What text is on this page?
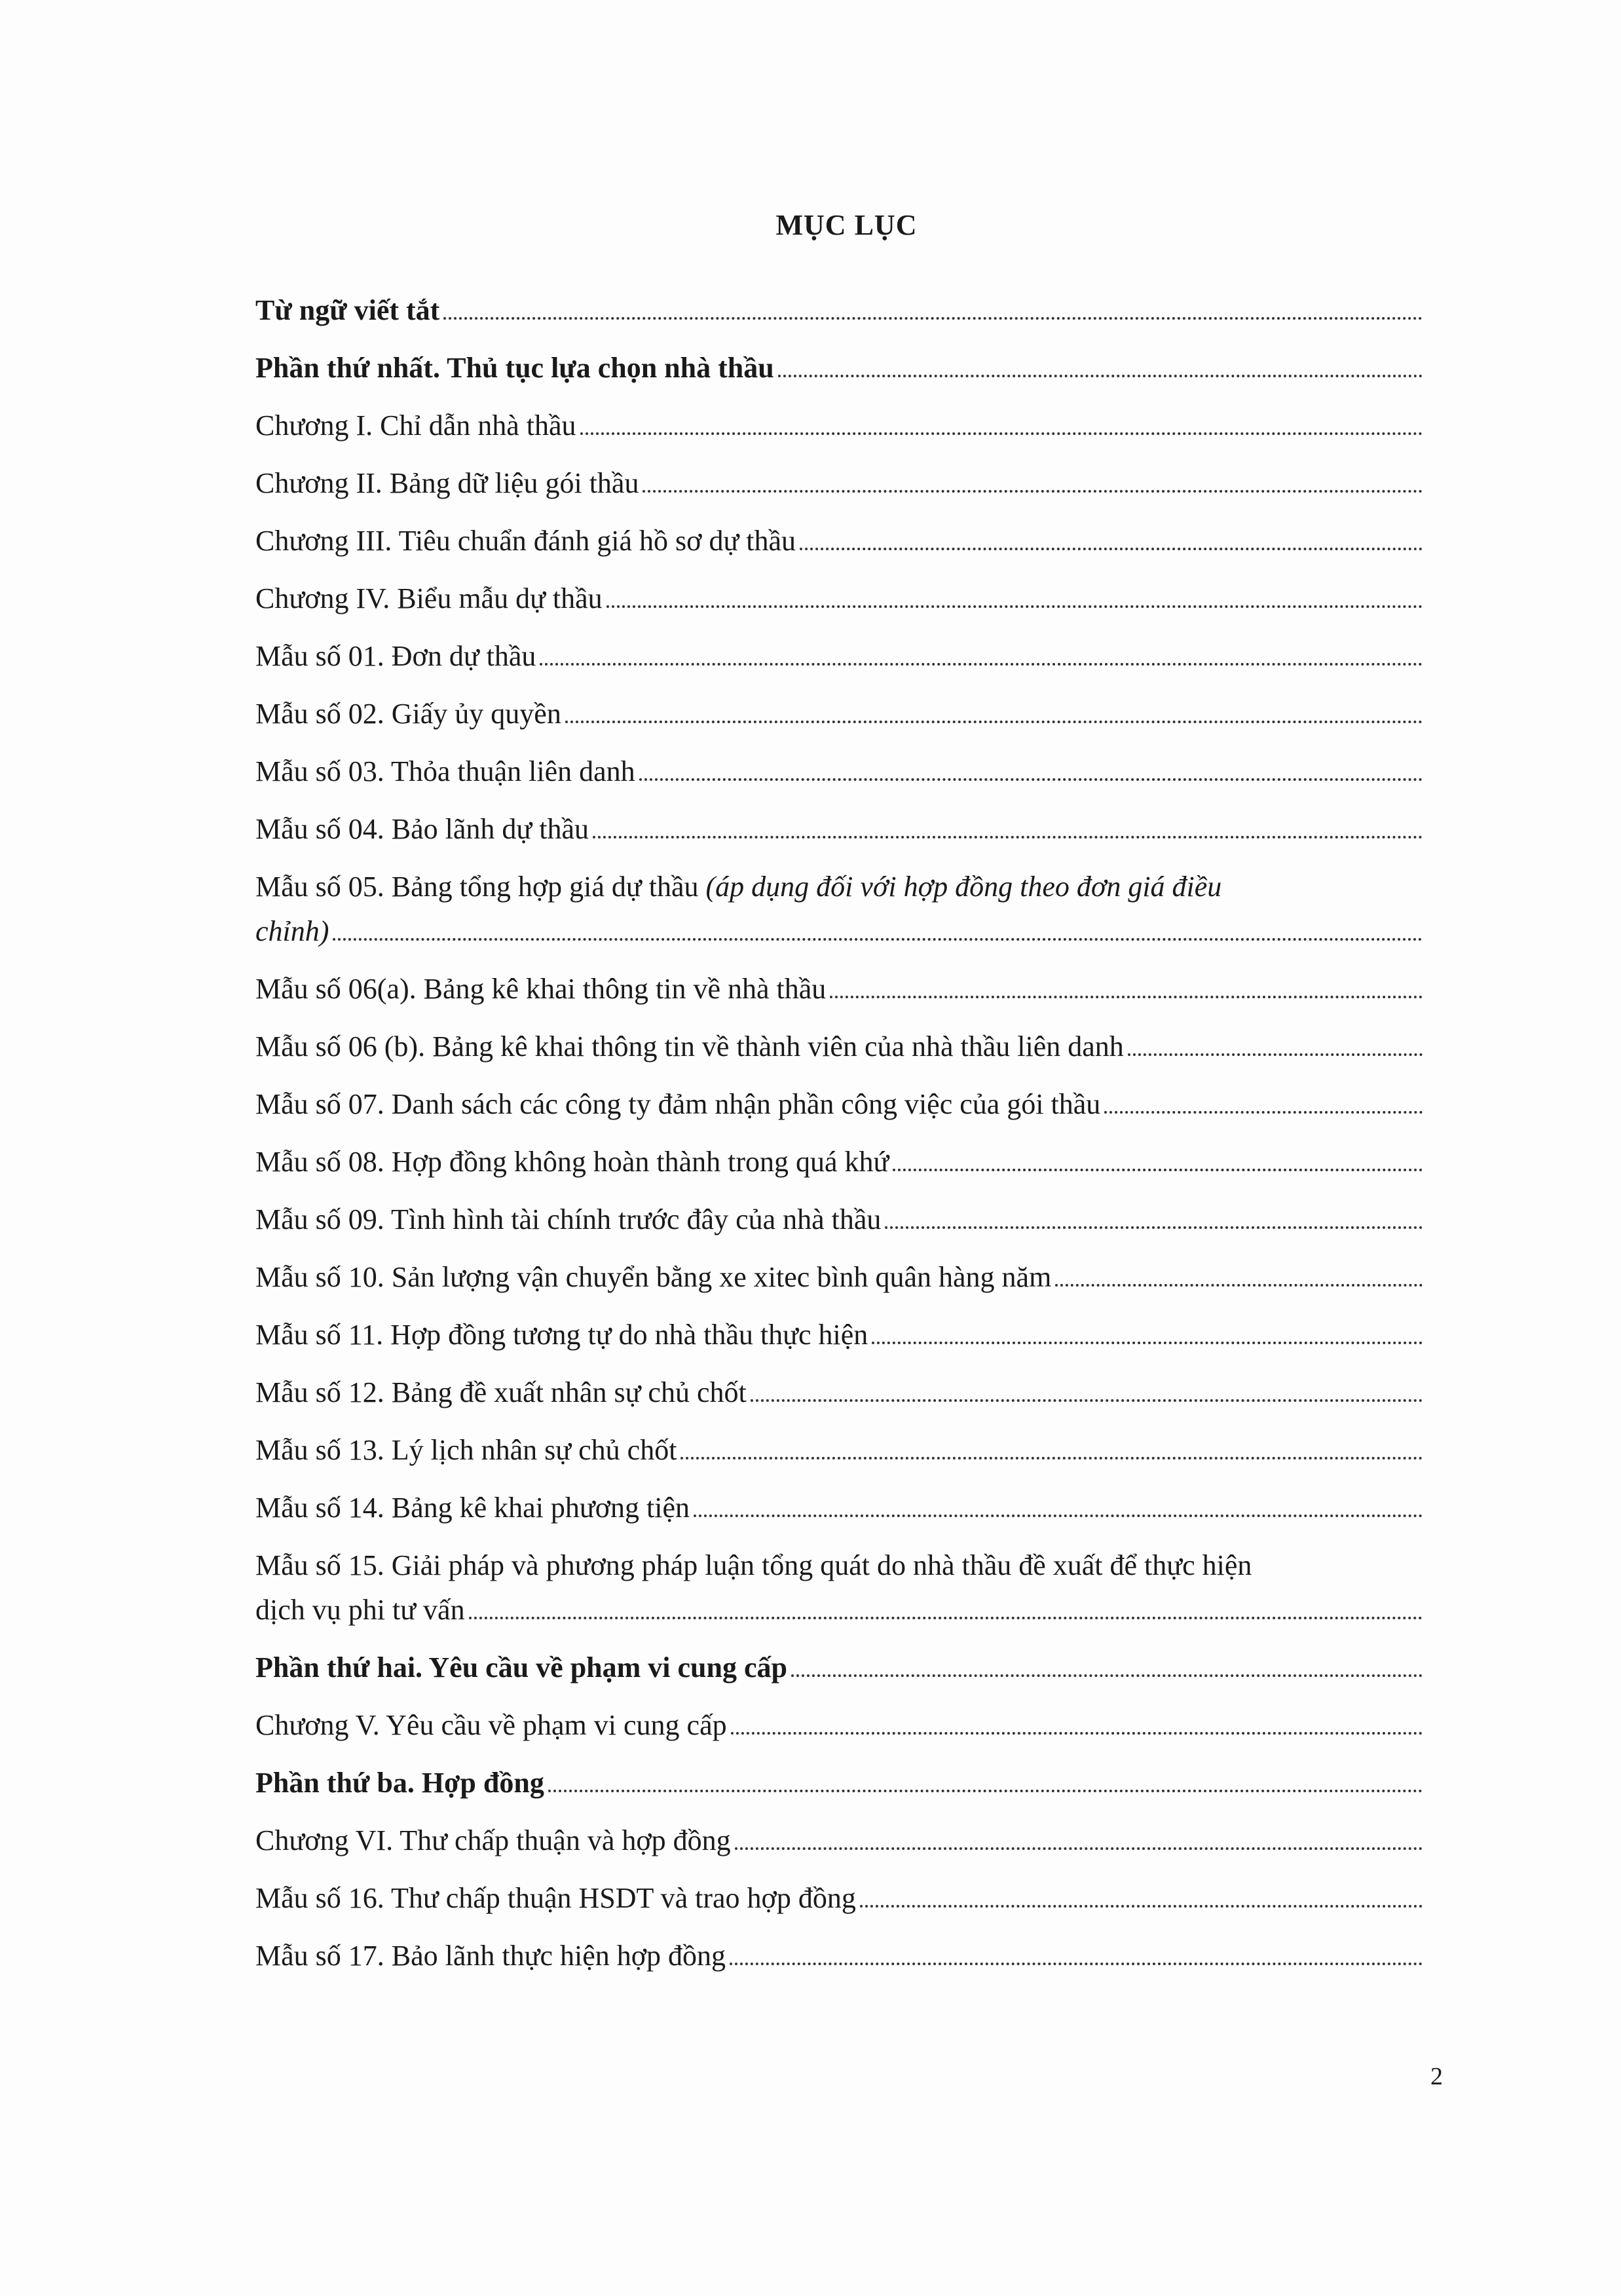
MỤC LỤC
Từ ngữ viết tắt
Phần thứ nhất. Thủ tục lựa chọn nhà thầu
Chương I. Chỉ dẫn nhà thầu
Chương II. Bảng dữ liệu gói thầu
Chương III. Tiêu chuẩn đánh giá hồ sơ dự thầu
Chương IV. Biểu mẫu dự thầu
Mẫu số 01. Đơn dự thầu
Mẫu số 02. Giấy ủy quyền
Mẫu số 03. Thỏa thuận liên danh
Mẫu số 04. Bảo lãnh dự thầu
Mẫu số 05. Bảng tổng hợp giá dự thầu (áp dụng đối với hợp đồng theo đơn giá điều
chỉnh)
Mẫu số 06(a). Bảng kê khai thông tin về nhà thầu
Mẫu số 06 (b). Bảng kê khai thông tin về thành viên của nhà thầu liên danh
Mẫu số 07. Danh sách các công ty đảm nhận phần công việc của gói thầu
Mẫu số 08. Hợp đồng không hoàn thành trong quá khứ
Mẫu số 09. Tình hình tài chính trước đây của nhà thầu
Mẫu số 10. Sản lượng vận chuyển bằng xe xitec bình quân hàng năm
Mẫu số 11. Hợp đồng tương tự do nhà thầu thực hiện
Mẫu số 12. Bảng đề xuất nhân sự chủ chốt
Mẫu số 13. Lý lịch nhân sự chủ chốt
Mẫu số 14. Bảng kê khai phương tiện
Mẫu số 15. Giải pháp và phương pháp luận tổng quát do nhà thầu đề xuất để thực hiện
dịch vụ phi tư vấn
Phần thứ hai. Yêu cầu về phạm vi cung cấp
Chương V. Yêu cầu về phạm vi cung cấp
Phần thứ ba. Hợp đồng
Chương VI. Thư chấp thuận và hợp đồng
Mẫu số 16. Thư chấp thuận HSDT và trao hợp đồng
Mẫu số 17. Bảo lãnh thực hiện hợp đồng
2
